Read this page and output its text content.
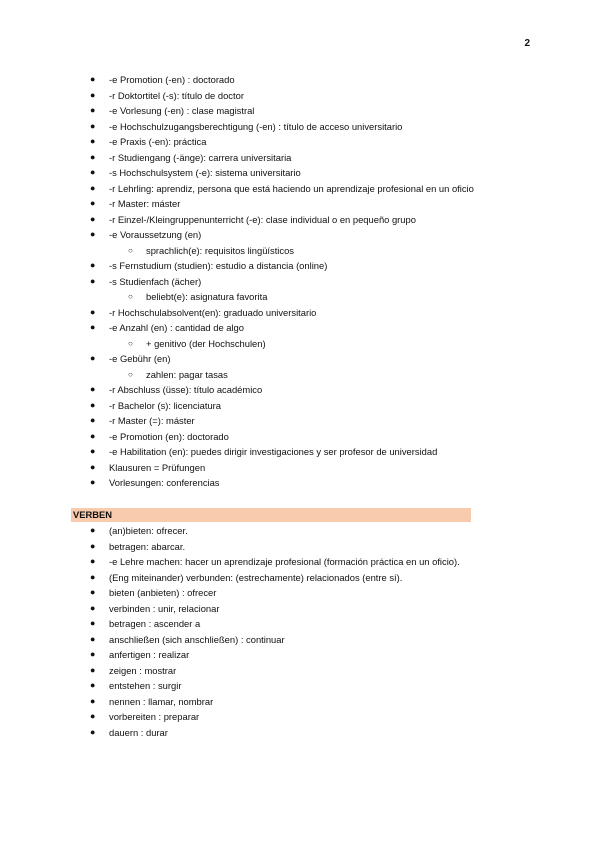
2
● -e Promotion (-en) : doctorado
● -r Doktortitel (-s): título de doctor
● -e Vorlesung (-en) : clase magistral
● -e Hochschulzugangsberechtigung (-en) : título de acceso universitario
● -e Praxis (-en): práctica
● -r Studiengang (-änge): carrera universitaria
● -s Hochschulsystem (-e): sistema universitario
● -r Lehrling: aprendiz, persona que está haciendo un aprendizaje profesional en un oficio
● -r Master: máster
● -r Einzel-/Kleingruppenunterricht (-e): clase individual o en pequeño grupo
● -e Voraussetzung (en)
○ sprachlich(e): requisitos lingüísticos
● -s Fernstudium (studien): estudio a distancia (online)
● -s Studienfach (ächer)
○ beliebt(e): asignatura favorita
● -r Hochschulabsolvent(en): graduado universitario
● -e Anzahl (en) : cantidad de algo
○ + genitivo (der Hochschulen)
● -e Gebühr (en)
○ zahlen: pagar tasas
● -r Abschluss (üsse): título académico
● -r Bachelor (s): licenciatura
● -r Master (=): máster
● -e Promotion (en): doctorado
● -e Habilitation (en): puedes dirigir investigaciones y ser profesor de universidad
● Klausuren = Prüfungen
● Vorlesungen: conferencias
VERBEN
● (an)bieten: ofrecer.
● betragen: abarcar.
● -e Lehre machen: hacer un aprendizaje profesional (formación práctica en un oficio).
● (Eng miteinander) verbunden: (estrechamente) relacionados (entre sí).
● bieten (anbieten) : ofrecer
● verbinden : unir, relacionar
● betragen : ascender a
● anschließen (sich anschließen) : continuar
● anfertigen : realizar
● zeigen : mostrar
● entstehen : surgir
● nennen : llamar, nombrar
● vorbereiten : preparar
● dauern : durar
